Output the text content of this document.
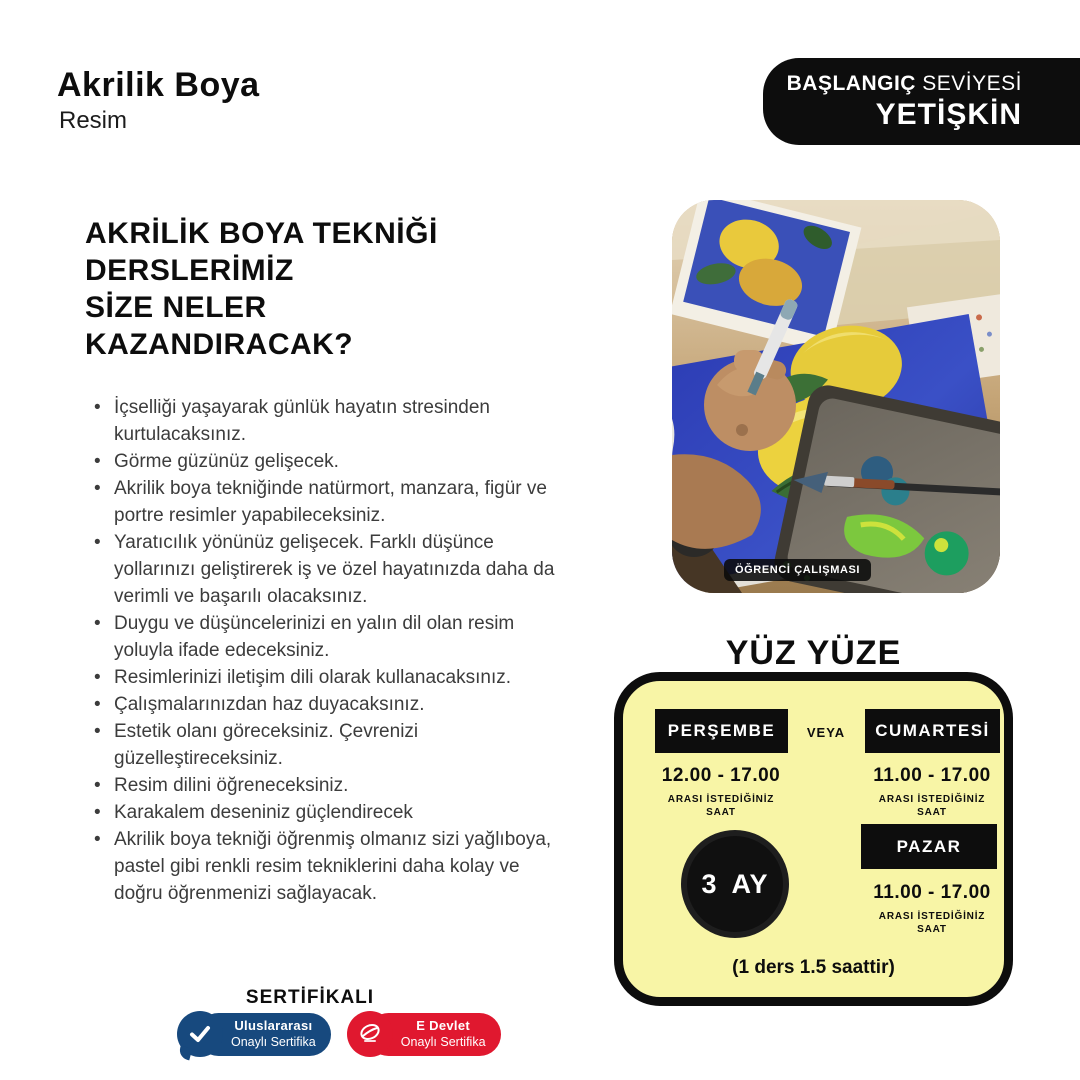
Akrilik Boya
Resim
BAŞLANGIÇ SEVİYESİ
YETİŞKİN
AKRİLİK BOYA TEKNİĞİ
DERSLERİMİZ
SİZE NELER
KAZANDIRACAK?
• İçselliği yaşayarak günlük hayatın stresinden kurtulacaksınız.
• Görme güzünüz gelişecek.
• Akrilik boya tekniğinde natürmort, manzara, figür ve portre resimler yapabileceksiniz.
• Yaratıcılık yönünüz gelişecek. Farklı düşünce yollarınızı geliştirerek iş ve özel hayatınızda daha da verimli ve başarılı olacaksınız.
• Duygu ve düşüncelerinizi en yalın dil olan resim yoluyla ifade edeceksiniz.
• Resimlerinizi iletişim dili olarak kullanacaksınız.
• Çalışmalarınızdan haz duyacaksınız.
• Estetik olanı göreceksiniz. Çevrenizi güzelleştireceksiniz.
• Resim dilini öğreneceksiniz.
• Karakalem deseniniz güçlendirecek
• Akrilik boya tekniği öğrenmiş olmanız sizi yağlıboya, pastel gibi renkli resim tekniklerini daha kolay ve doğru öğrenmenizi sağlayacak.
ÖĞRENCİ ÇALIŞMASI
YÜZ YÜZE
PERŞEMBE	VEYA	CUMARTESİ
12.00 - 17.00	11.00 - 17.00
ARASI İSTEDİĞİNİZ SAAT
ARASI İSTEDİĞİNİZ SAAT
PAZAR
11.00 - 17.00
ARASI İSTEDİĞİNİZ SAAT
3 AY
(1 ders 1.5 saattir)
SERTİFİKALI
Uluslararası
Onaylı Sertifika
E Devlet
Onaylı Sertifika
